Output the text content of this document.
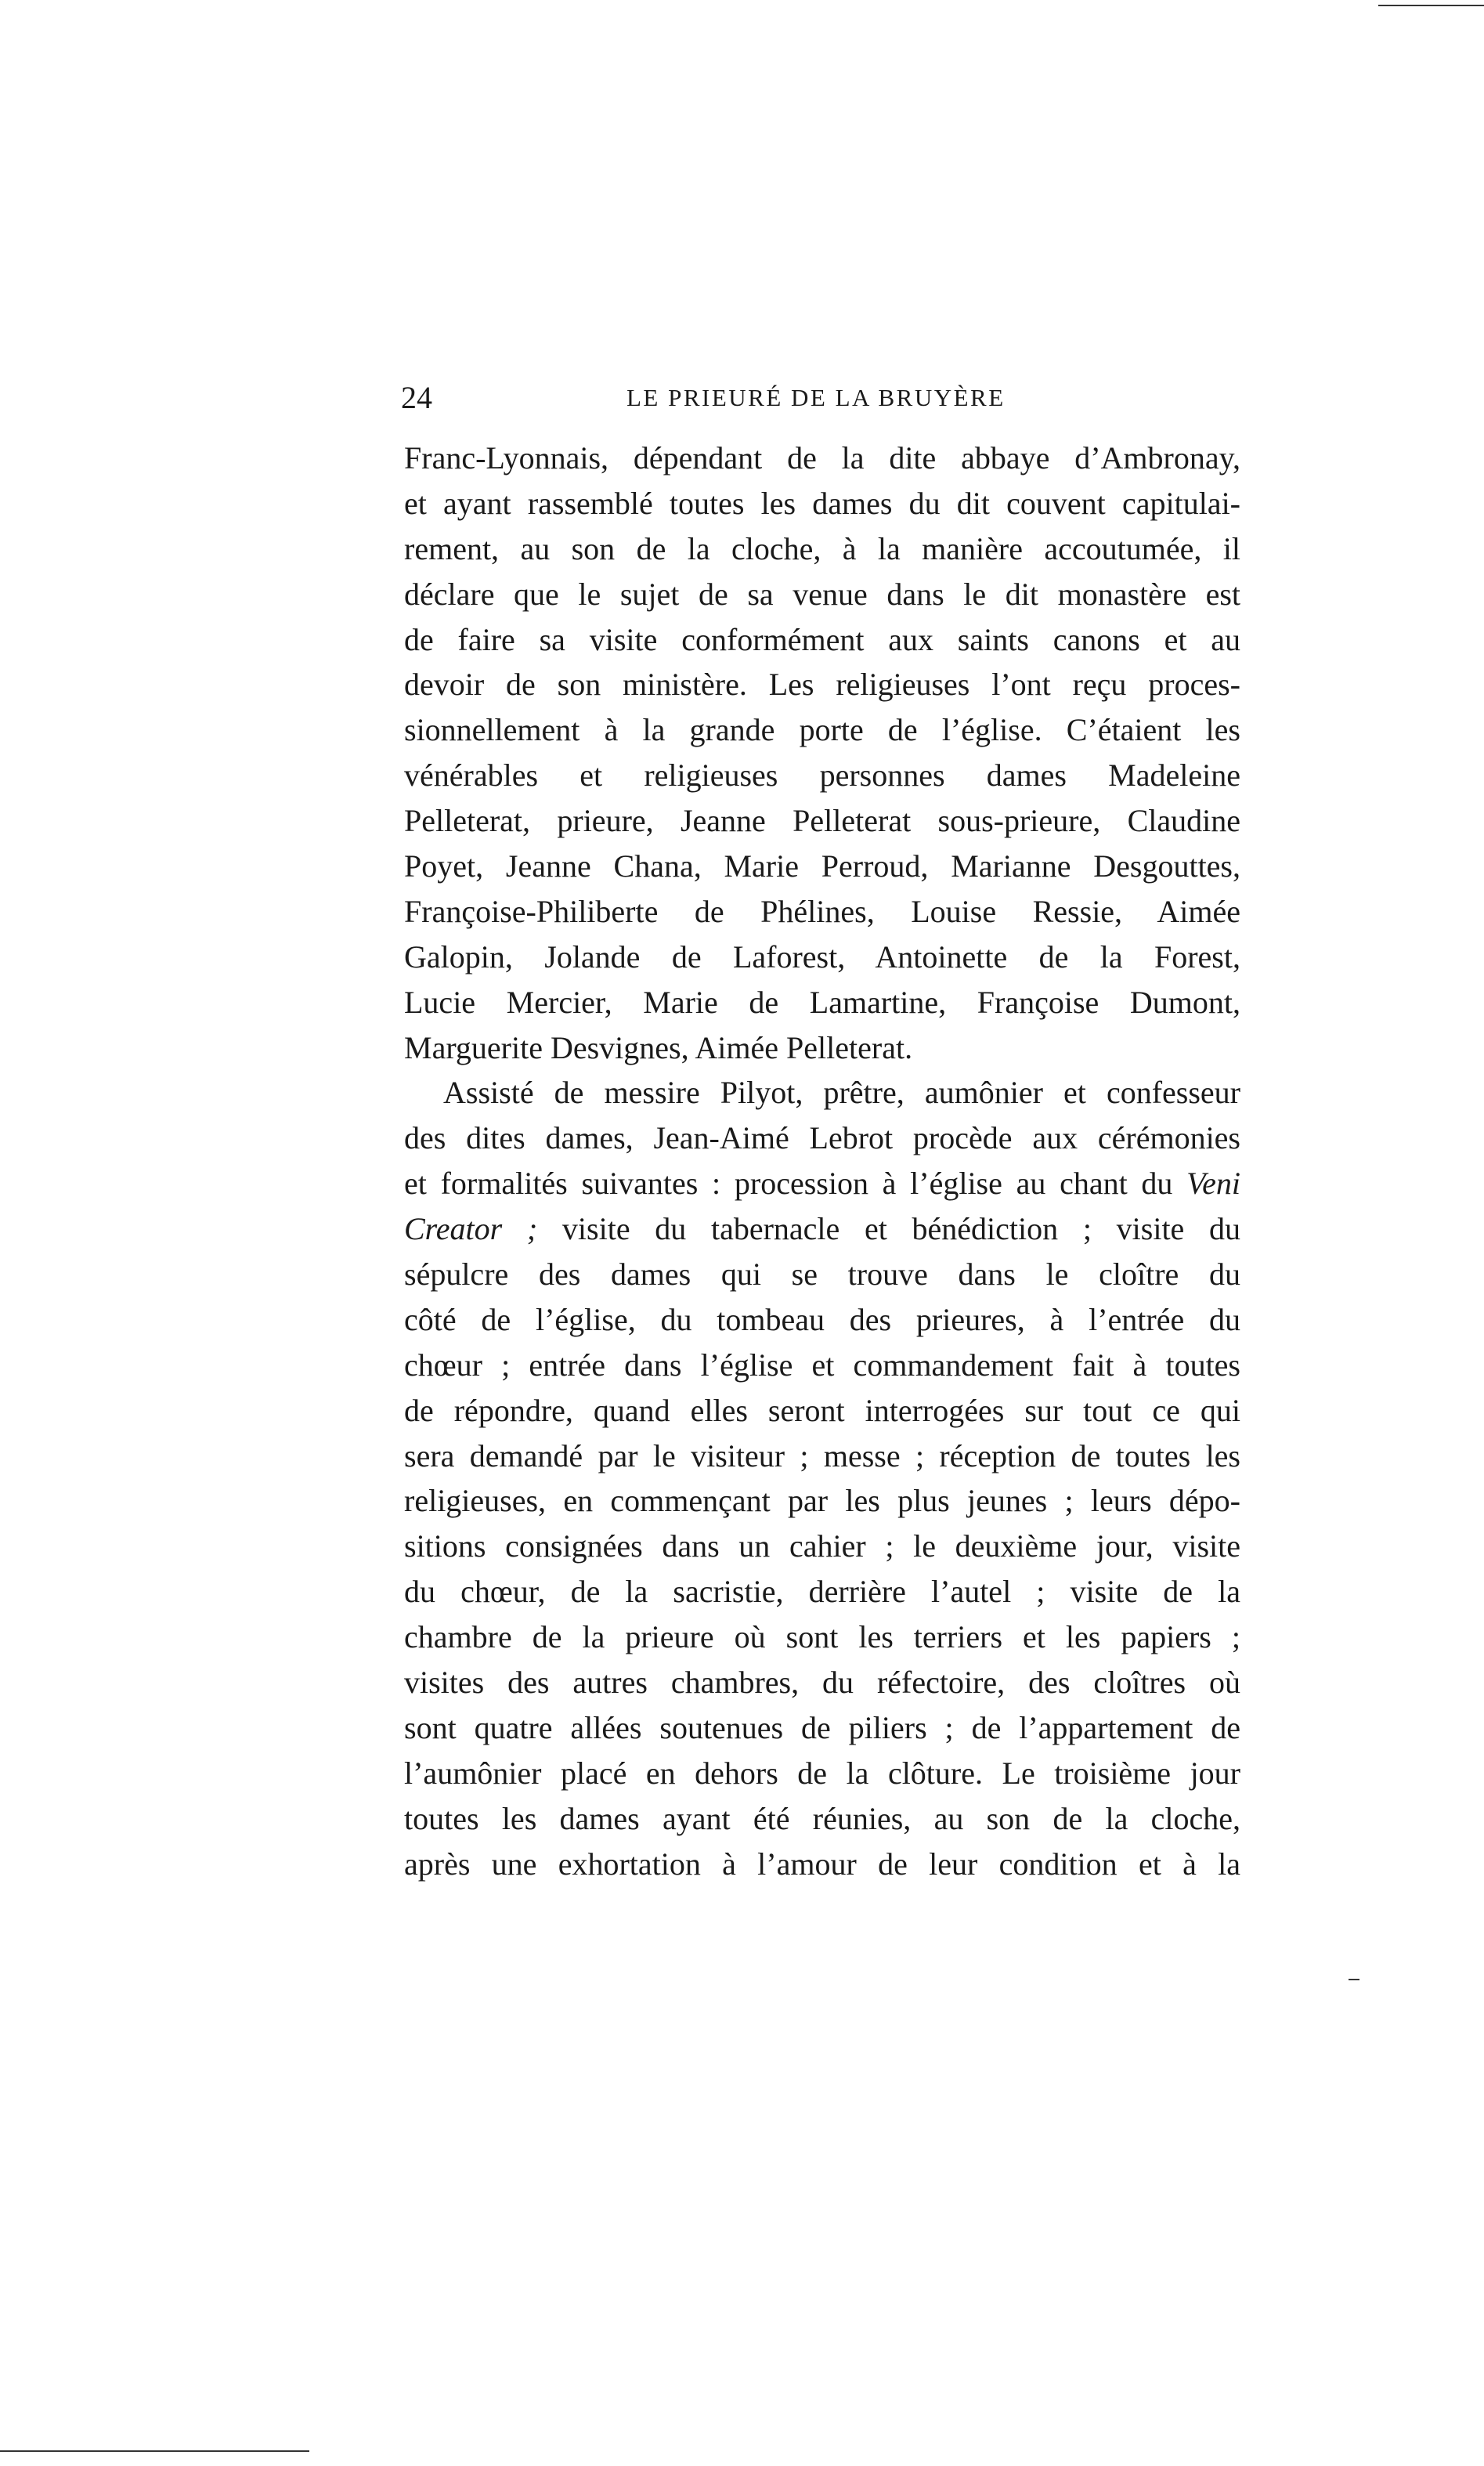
24	LE PRIEURÉ DE LA BRUYÈRE
Franc-Lyonnais, dépendant de la dite abbaye d’Ambronay,
et ayant rassemblé toutes les dames du dit couvent capitulai-
rement, au son de la cloche, à la manière accoutumée, il
déclare que le sujet de sa venue dans le dit monastère est
de faire sa visite conformément aux saints canons et au
devoir de son ministère. Les religieuses l’ont reçu proces-
sionnellement à la grande porte de l’église. C’étaient les
vénérables et religieuses personnes dames Madeleine
Pelleterat, prieure, Jeanne Pelleterat sous-prieure, Claudine
Poyet, Jeanne Chana, Marie Perroud, Marianne Desgouttes,
Françoise-Philiberte de Phélines, Louise Ressie, Aimée
Galopin, Jolande de Laforest, Antoinette de la Forest,
Lucie Mercier, Marie de Lamartine, Françoise Dumont,
Marguerite Desvignes, Aimée Pelleterat.
Assisté de messire Pilyot, prêtre, aumônier et confesseur
des dites dames, Jean-Aimé Lebrot procède aux cérémonies
et formalités suivantes : procession à l’église au chant du Veni
Creator ; visite du tabernacle et bénédiction ; visite du
sépulcre des dames qui se trouve dans le cloître du
côté de l’église, du tombeau des prieures, à l’entrée du
chœur ; entrée dans l’église et commandement fait à toutes
de répondre, quand elles seront interrogées sur tout ce qui
sera demandé par le visiteur ; messe ; réception de toutes les
religieuses, en commençant par les plus jeunes ; leurs dépo-
sitions consignées dans un cahier ; le deuxième jour, visite
du chœur, de la sacristie, derrière l’autel ; visite de la
chambre de la prieure où sont les terriers et les papiers ;
visites des autres chambres, du réfectoire, des cloîtres où
sont quatre allées soutenues de piliers ; de l’appartement de
l’aumônier placé en dehors de la clôture. Le troisième jour
toutes les dames ayant été réunies, au son de la cloche,
après une exhortation à l’amour de leur condition et à la
